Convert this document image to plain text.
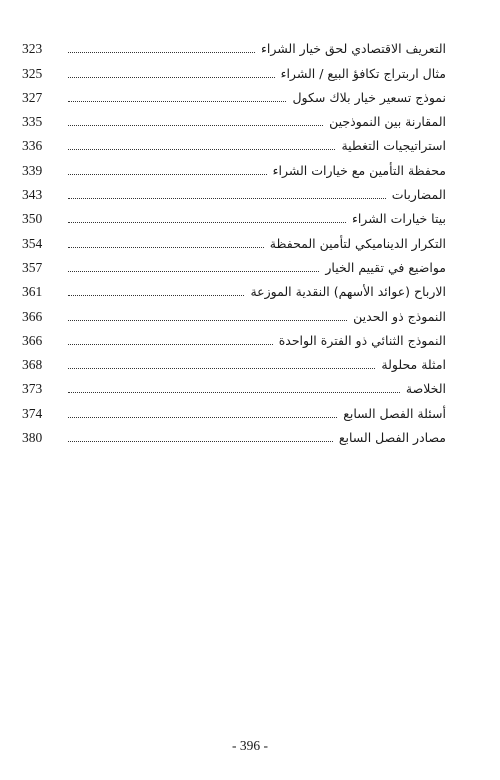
323	التعريف الاقتصادي لحق خيار الشراء
325	مثال اربتراج تكافؤ البيع / الشراء
327	نموذج تسعير خيار بلاك سكول
335	المقارنة بين النموذجين
336	استراتيجيات التغطية
339	محفظة التأمين مع خيارات الشراء
343	المضاربات
350	بيتا خيارات الشراء
354	التكرار الديناميكي لتأمين المحفظة
357	مواضيع في تقييم الخيار
361	الارباح (عوائد الأسهم) النقدية الموزعة
366	النموذج ذو الحدين
366	النموذج الثنائي ذو الفترة الواحدة
368	امثلة محلولة
373	الخلاصة
374	أسئلة الفصل السابع
380	مصادر الفصل السابع
- 396 -
